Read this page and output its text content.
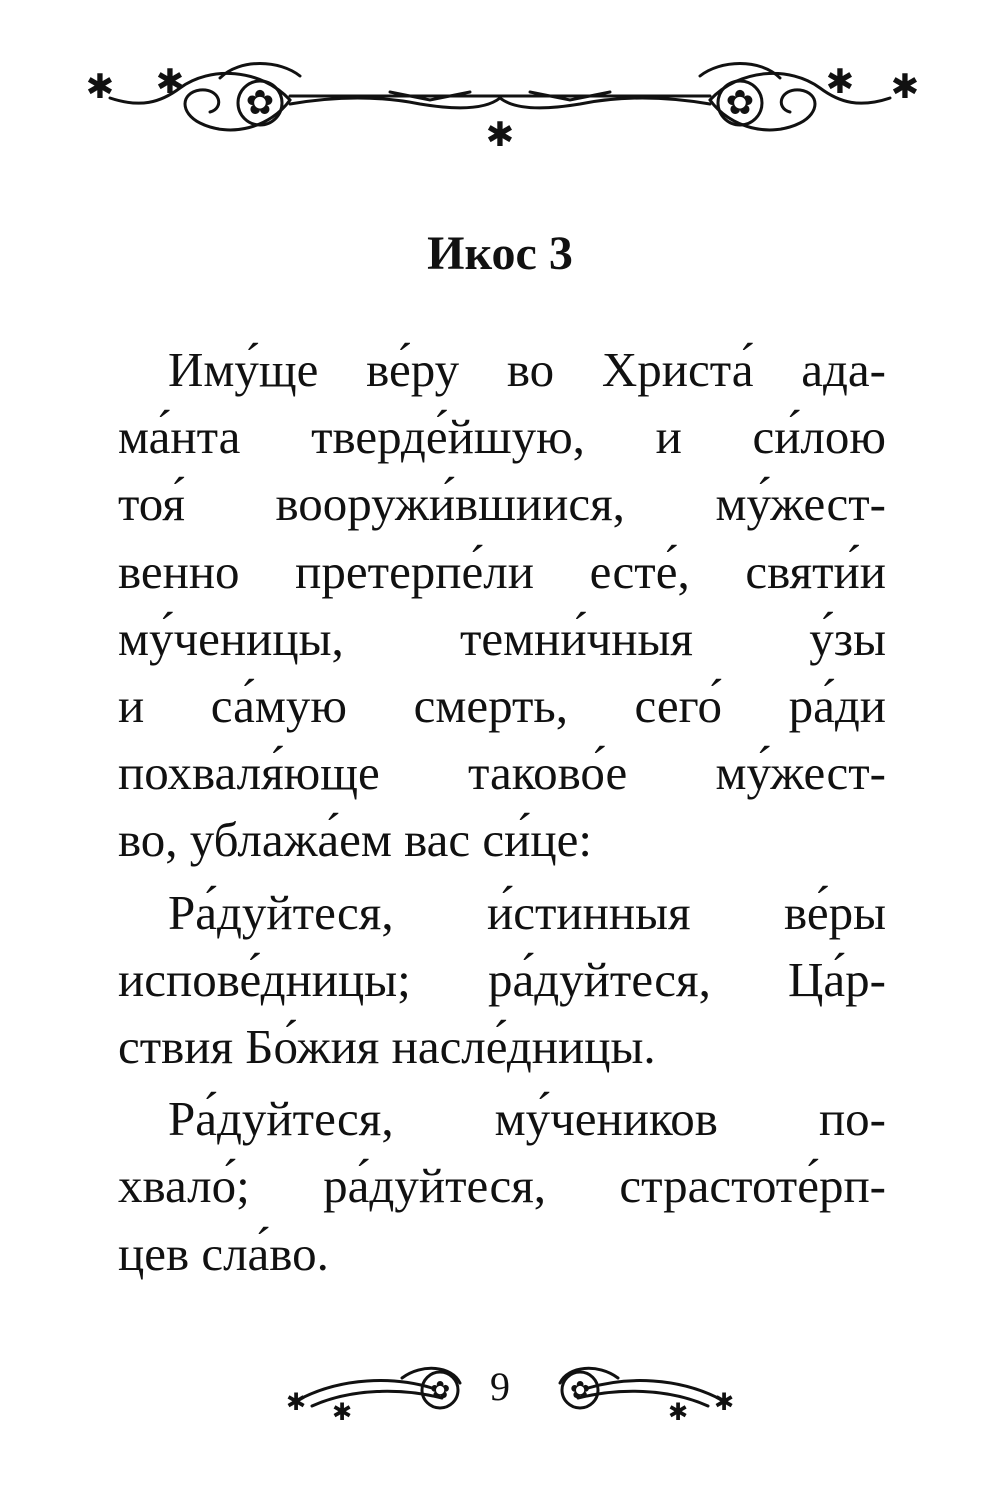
✱ ✱
✿
✱
✿
✱ ✱
Икос 3
Иму́ще ве́ру во Христа́ ада-
ма́нта тверде́йшую, и си́лою
тоя́ вооружи́вшиися, му́жест-
венно претерпе́ли есте́, святи́и
му́ченицы, темни́чныя у́зы
и са́мую смерть, сего́ ра́ди
похваля́юще таково́е му́жест-
во, ублажа́ем вас си́це:
Ра́дуйтеся, и́стинныя ве́ры
испове́дницы; ра́дуйтеся, Ца́р-
ствия Бо́жия насле́дницы.
Ра́дуйтеся, му́чеников по-
хвало́; ра́дуйтеся, страстоте́рп-
цев сла́во.
✱ ✱
✿ 9	✱
✱
✿
